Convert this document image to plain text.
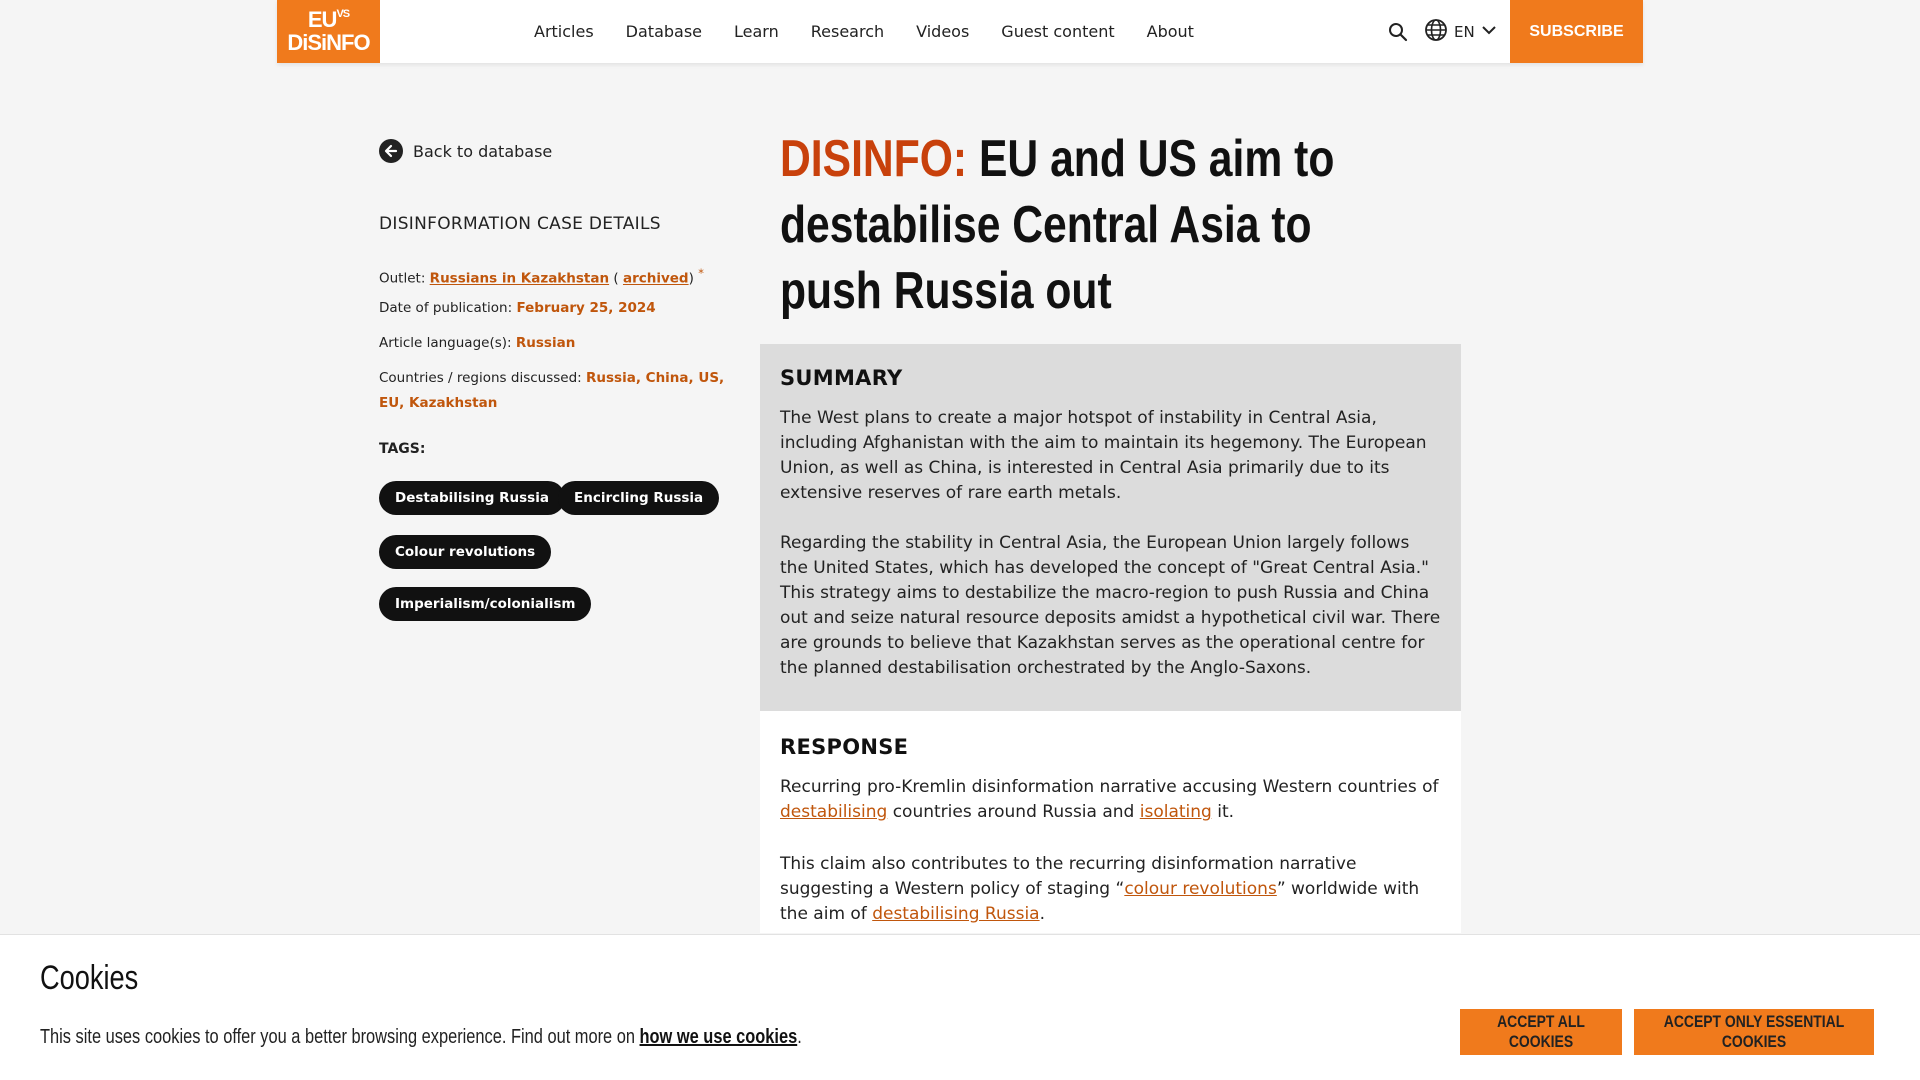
$EU^{VS}$
DiSiNFO	Articles Database Learn Research Videos Guest content About	EN	SUBSCRIBE
Back to database
DISINFORMATION CASE DETAILS
Outlet: Russians in Kazakhstan ( archived) *
Date of publication: February 25, 2024
Article language(s): Russian
Countries / regions discussed: Russia, China, US, EU, Kazakhstan
TAGS:
Destabilising Russia	Encircling Russia
Colour revolutions
Imperialism/colonialism
DISINFO: EU and US aim to destabilise Central Asia to push Russia out
SUMMARY

The West plans to create a major hotspot of instability in Central Asia, including Afghanistan with the aim to maintain its hegemony. The European Union, as well as China, is interested in Central Asia primarily due to its extensive reserves of rare earth metals.

Regarding the stability in Central Asia, the European Union largely follows the United States, which has developed the concept of "Great Central Asia." This strategy aims to destabilize the macro-region to push Russia and China out and seize natural resource deposits amidst a hypothetical civil war. There are grounds to believe that Kazakhstan serves as the operational centre for the planned destabilisation orchestrated by the Anglo-Saxons.

RESPONSE

Recurring pro-Kremlin disinformation narrative accusing Western countries of destabilising countries around Russia and isolating it.

This claim also contributes to the recurring disinformation narrative suggesting a Western policy of staging “colour revolutions” worldwide with the aim of destabilising Russia.

Cookies
This site uses cookies to offer you a better browsing experience. Find out more on how we use cookies.
ACCEPT ALL COOKIES
ACCEPT ONLY ESSENTIAL COOKIES
